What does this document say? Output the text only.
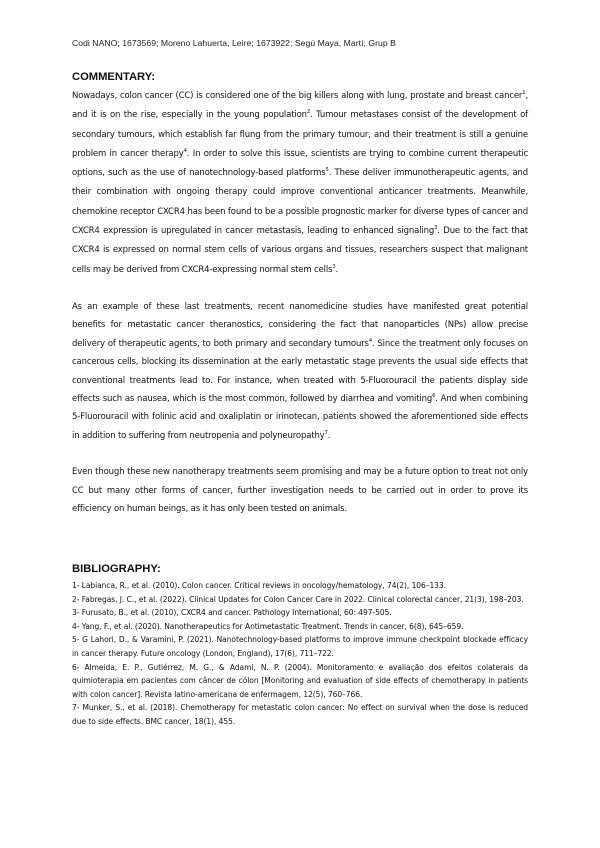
Codi NANO; 1673569; Moreno Lahuerta, Leire; 1673922; Segú Maya, Martí; Grup B
COMMENTARY:

Nowadays, colon cancer (CC) is considered one of the big killers along with lung, prostate and breast cancer$^1$, and it is on the rise, especially in the young population$^2$. Tumour metastases consist of the development of secondary tumours, which establish far flung from the primary tumour, and their treatment is still a genuine problem in cancer therapy$^4$. In order to solve this issue, scientists are trying to combine current therapeutic options, such as the use of nanotechnology-based platforms$^5$. These deliver immunotherapeutic agents, and their combination with ongoing therapy could improve conventional anticancer treatments. Meanwhile, chemokine receptor CXCR4 has been found to be a possible prognostic marker for diverse types of cancer and CXCR4 expression is upregulated in cancer metastasis, leading to enhanced signaling$^3$. Due to the fact that CXCR4 is expressed on normal stem cells of various organs and tissues, researchers suspect that malignant cells may be derived from CXCR4-expressing normal stem cells$^3$.

As an example of these last treatments, recent nanomedicine studies have manifested great potential benefits for metastatic cancer theranostics, considering the fact that nanoparticles (NPs) allow precise delivery of therapeutic agents, to both primary and secondary tumours$^4$. Since the treatment only focuses on cancerous cells, blocking its dissemination at the early metastatic stage prevents the usual side effects that conventional treatments lead to. For instance, when treated with 5-Fluorouracil the patients display side effects such as nausea, which is the most common, followed by diarrhea and vomiting$^6$. And when combining 5-Fluorouracil with folinic acid and oxaliplatin or irinotecan, patients showed the aforementioned side effects in addition to suffering from neutropenia and polyneuropathy$^7$.

Even though these new nanotherapy treatments seem promising and may be a future option to treat not only CC but many other forms of cancer, further investigation needs to be carried out in order to prove its efficiency on human beings, as it has only been tested on animals.

BIBLIOGRAPHY:

1- Labianca, R., et al. (2010). Colon cancer. Critical reviews in oncology/hematology, 74(2), 106–133.

2- Fabregas, J. C., et al. (2022). Clinical Updates for Colon Cancer Care in 2022. Clinical colorectal cancer, 21(3), 198–203.

3- Furusato, B., et al. (2010), CXCR4 and cancer. Pathology International, 60: 497-505.

4- Yang, F., et al. (2020). Nanotherapeutics for Antimetastatic Treatment. Trends in cancer, 6(8), 645–659.

5- G Lahori, D., & Varamini, P. (2021). Nanotechnology-based platforms to improve immune checkpoint blockade efficacy in cancer therapy. Future oncology (London, England), 17(6), 711–722.

6- Almeida, E. P., Gutiérrez, M. G., & Adami, N. P. (2004). Monitoramento e avaliação dos efeitos colaterais da quimioterapia em pacientes com câncer de cólon [Monitoring and evaluation of side effects of chemotherapy in patients with colon cancer]. Revista latino-americana de enfermagem, 12(5), 760–766.

7- Munker, S., et al. (2018). Chemotherapy for metastatic colon cancer: No effect on survival when the dose is reduced due to side effects. BMC cancer, 18(1), 455.
